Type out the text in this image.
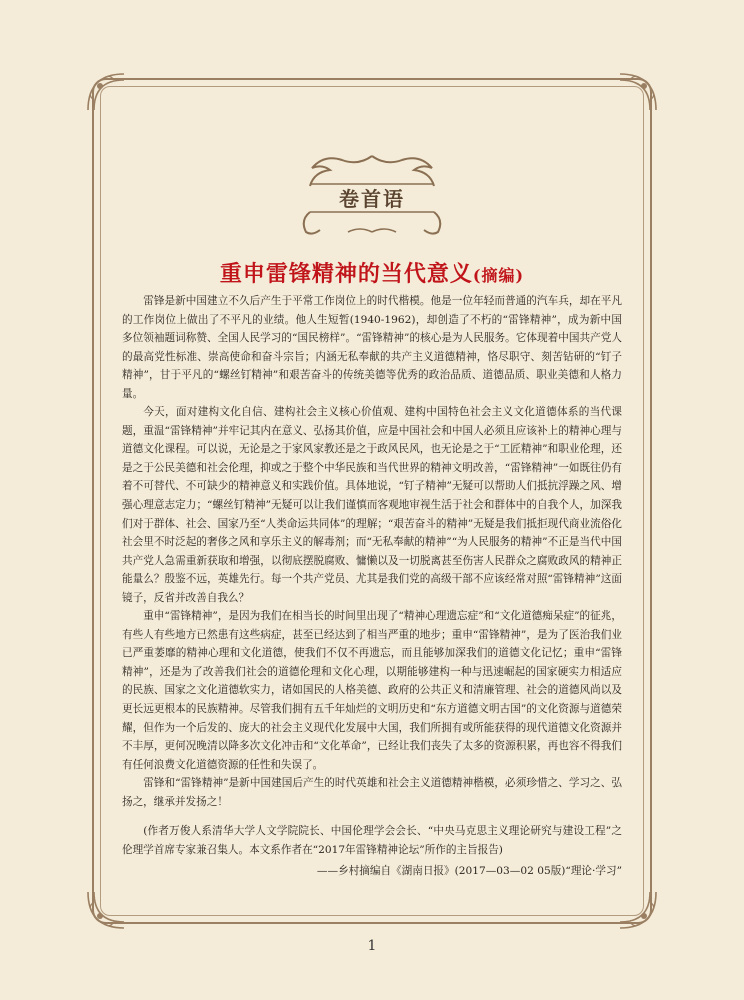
卷首语
重申雷锋精神的当代意义(摘编)

雷锋是新中国建立不久后产生于平常工作岗位上的时代楷模。他是一位年轻而普通的汽车兵，却在平凡的工作岗位上做出了不平凡的业绩。他人生短暂(1940-1962)，却创造了不朽的“雷锋精神”，成为新中国多位领袖题词称赞、全国人民学习的“国民榜样”。“雷锋精神”的核心是为人民服务。它体现着中国共产党人的最高党性标准、崇高使命和奋斗宗旨；内涵无私奉献的共产主义道德精神，恪尽职守、刻苦钻研的“钉子精神”，甘于平凡的“螺丝钉精神”和艰苦奋斗的传统美德等优秀的政治品质、道德品质、职业美德和人格力量。

今天，面对建构文化自信、建构社会主义核心价值观、建构中国特色社会主义文化道德体系的当代课题，重温“雷锋精神”并牢记其内在意义、弘扬其价值，应是中国社会和中国人必须且应该补上的精神心理与道德文化课程。可以说，无论是之于家风家教还是之于政风民风，也无论是之于“工匠精神”和职业伦理，还是之于公民美德和社会伦理，抑或之于整个中华民族和当代世界的精神文明改善，“雷锋精神”一如既往仍有着不可替代、不可缺少的精神意义和实践价值。具体地说，“钉子精神”无疑可以帮助人们抵抗浮躁之风、增强心理意志定力；“螺丝钉精神”无疑可以让我们谨慎而客观地审视生活于社会和群体中的自我个人，加深我们对于群体、社会、国家乃至“人类命运共同体”的理解；“艰苦奋斗的精神”无疑是我们抵拒现代商业流俗化社会里不时泛起的奢侈之风和享乐主义的解毒剂；而“无私奉献的精神”“为人民服务的精神”不正是当代中国共产党人急需重新获取和增强，以彻底摆脱腐败、慵懒以及一切脱离甚至伤害人民群众之腐败政风的精神正能量么？殷鉴不远，英雄先行。每一个共产党员、尤其是我们党的高级干部不应该经常对照“雷锋精神”这面镜子，反省并改善自我么？

重申“雷锋精神”，是因为我们在相当长的时间里出现了“精神心理遗忘症”和“文化道德痴呆症”的征兆，有些人有些地方已然患有这些病症，甚至已经达到了相当严重的地步；重申“雷锋精神”，是为了医治我们业已严重萎靡的精神心理和文化道德，使我们不仅不再遗忘，而且能够加深我们的道德文化记忆；重申“雷锋精神”，还是为了改善我们社会的道德伦理和文化心理，以期能够建构一种与迅速崛起的国家硬实力相适应的民族、国家之文化道德软实力，诸如国民的人格美德、政府的公共正义和清廉管理、社会的道德风尚以及更长远更根本的民族精神。尽管我们拥有五千年灿烂的文明历史和“东方道德文明古国”的文化资源与道德荣耀，但作为一个后发的、庞大的社会主义现代化发展中大国，我们所拥有或所能获得的现代道德文化资源并不丰厚，更何况晚清以降多次文化冲击和“文化革命”，已经让我们丧失了太多的资源积累，再也容不得我们有任何浪费文化道德资源的任性和失误了。

雷锋和“雷锋精神”是新中国建国后产生的时代英雄和社会主义道德精神楷模，必须珍惜之、学习之、弘扬之，继承并发扬之！

(作者万俊人系清华大学人文学院院长、中国伦理学会会长、“中央马克思主义理论研究与建设工程”之伦理学首席专家兼召集人。本文系作者在“2017年雷锋精神论坛”所作的主旨报告)

——乡村摘编自《湖南日报》(2017—03—02 05版)“理论·学习”

1
